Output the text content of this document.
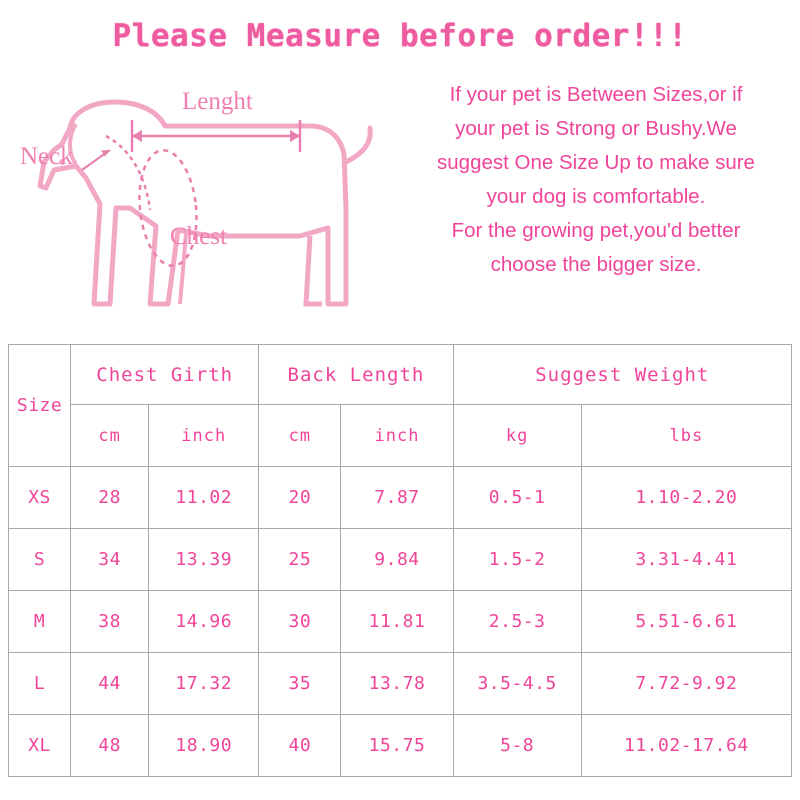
Please Measure before order!!!
Lenght
Neck
Chest

If your pet is Between Sizes,or if

your pet is Strong or Bushy.We

suggest One Size Up to make sure

your dog is comfortable.

For the growing pet,you'd better

choose the bigger size.

Size	Chest Girth		Back Length		Suggest Weight	
	cm	inch	cm	inch	kg	lbs
XS	28	11.02	20	7.87	0.5-1	1.10-2.20
S	34	13.39	25	9.84	1.5-2	3.31-4.41
M	38	14.96	30	11.81	2.5-3	5.51-6.61
L	44	17.32	35	13.78	3.5-4.5	7.72-9.92
XL	48	18.90	40	15.75	5-8	11.02-17.64
